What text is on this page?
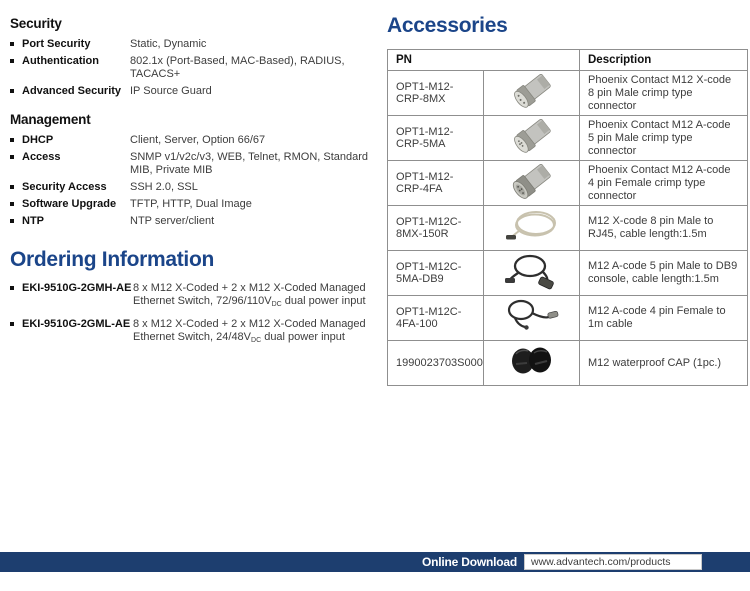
Security
Port Security	Static, Dynamic
Authentication	802.1x (Port-Based, MAC-Based), RADIUS, TACACS+
Advanced Security IP Source Guard
Management
DHCP	Client, Server, Option 66/67
Access	SNMP v1/v2c/v3, WEB, Telnet, RMON, Standard MIB, Private MIB
Security Access SSH 2.0, SSL
Software Upgrade TFTP, HTTP, Dual Image
NTP	NTP server/client
Ordering Information
EKI-9510G-2GMH-AE 8 x M12 X-Coded + 2 x M12 X-Coded Managed
Ethernet Switch, $72/96/110V_{DC}$ dual power input
EKI-9510G-2GML-AE 8 x M12 X-Coded + 2 x M12 X-Coded Managed
Ethernet Switch, $24/48V_{DC}$ dual power input
Accessories
PN		Description
OPT1-M12-CRP-8MX		Phoenix Contact M12 X-code 8 pin Male crimp type connector
OPT1-M12-CRP-5MA		Phoenix Contact M12 A-code 5 pin Male crimp type connector
OPT1-M12-CRP-4FA		Phoenix Contact M12 A-code 4 pin Female crimp type connector
OPT1-M12C-8MX-150R		M12 X-code 8 pin Male to RJ45, cable length:1.5m
OPT1-M12C-5MA-DB9		M12 A-code 5 pin Male to DB9 console, cable length:1.5m
OPT1-M12C-4FA-100		M12 A-code 4 pin Female to 1m cable
1990023703S000		M12 waterproof CAP (1pc.)
Online Download www.advantech.com/products
